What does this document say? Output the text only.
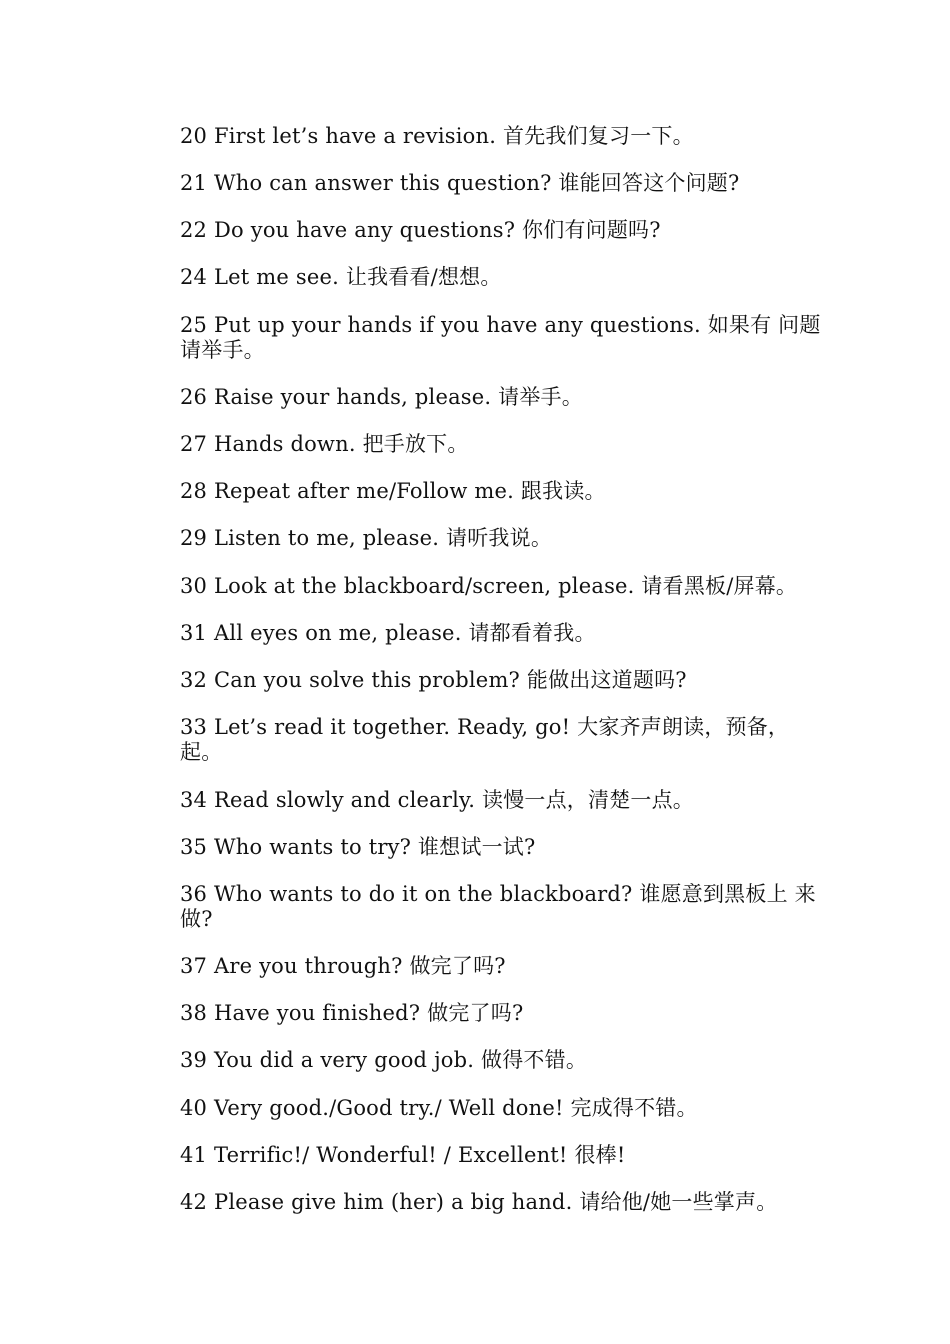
20 First let’s have a revision. 首先我们复习一下。
21 Who can answer this question? 谁能回答这个问题?
22 Do you have any questions? 你们有问题吗?
24 Let me see. 让我看看/想想。
25 Put up your hands if you have any questions. 如果有 问题请举手。
26 Raise your hands, please. 请举手。
27 Hands down. 把手放下。
28 Repeat after me/Follow me. 跟我读。
29 Listen to me, please. 请听我说。
30 Look at the blackboard/screen, please. 请看黑板/屏幕。
31 All eyes on me, please. 请都看着我。
32 Can you solve this problem? 能做出这道题吗?
33 Let’s read it together. Ready, go! 大家齐声朗读，预备，起。
34 Read slowly and clearly. 读慢一点，清楚一点。
35 Who wants to try? 谁想试一试?
36 Who wants to do it on the blackboard? 谁愿意到黑板上 来做?
37 Are you through? 做完了吗?
38 Have you finished? 做完了吗?
39 You did a very good job. 做得不错。
40 Very good./Good try./ Well done! 完成得不错。
41 Terrific!/ Wonderful! / Excellent! 很棒!
42 Please give him (her) a big hand. 请给他/她一些掌声。
